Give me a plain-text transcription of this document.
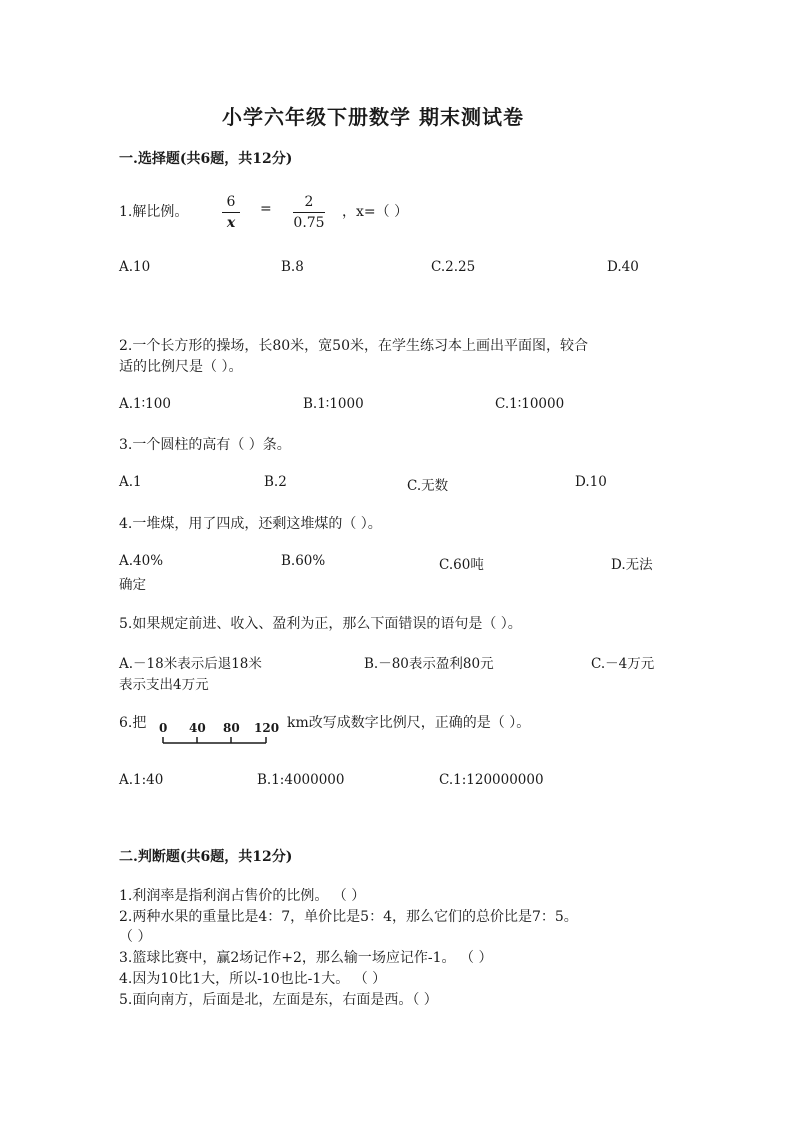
小学六年级下册数学 期末测试卷
一.选择题(共6题，共12分)
1.解比例。
6
x
=	2
0.75
，x=（ ）
A.10	B.8	C.2.25	D.40
2.一个长方形的操场，长80米，宽50米，在学生练习本上画出平面图，较合
适的比例尺是（ ）。
A.1∶100	B.1∶1000	C.1∶10000
3.一个圆柱的高有（ ）条。
A.1	B.2	C.无数	D.10
4.一堆煤，用了四成，还剩这堆煤的（ ）。
A.40%	B.60%	C.60吨	D.无法
确定
5.如果规定前进、收入、盈利为正，那么下面错误的语句是（ ）。
A.－18米表示后退18米	B.－80表示盈利80元	C.－4万元
表示支出4万元
6.把 0 40 80 120 km改写成数字比例尺，正确的是（ ）。
A.1:40	B.1:4000000	C.1:120000000
二.判断题(共6题，共12分)
1.利润率是指利润占售价的比例。 （ ）
2.两种水果的重量比是4：7，单价比是5：4，那么它们的总价比是7：5。
（ ）
3.篮球比赛中，赢2场记作+2，那么输一场应记作-1。 （ ）
4.因为10比1大，所以-10也比-1大。 （ ）
5.面向南方，后面是北，左面是东，右面是西。（ ）
